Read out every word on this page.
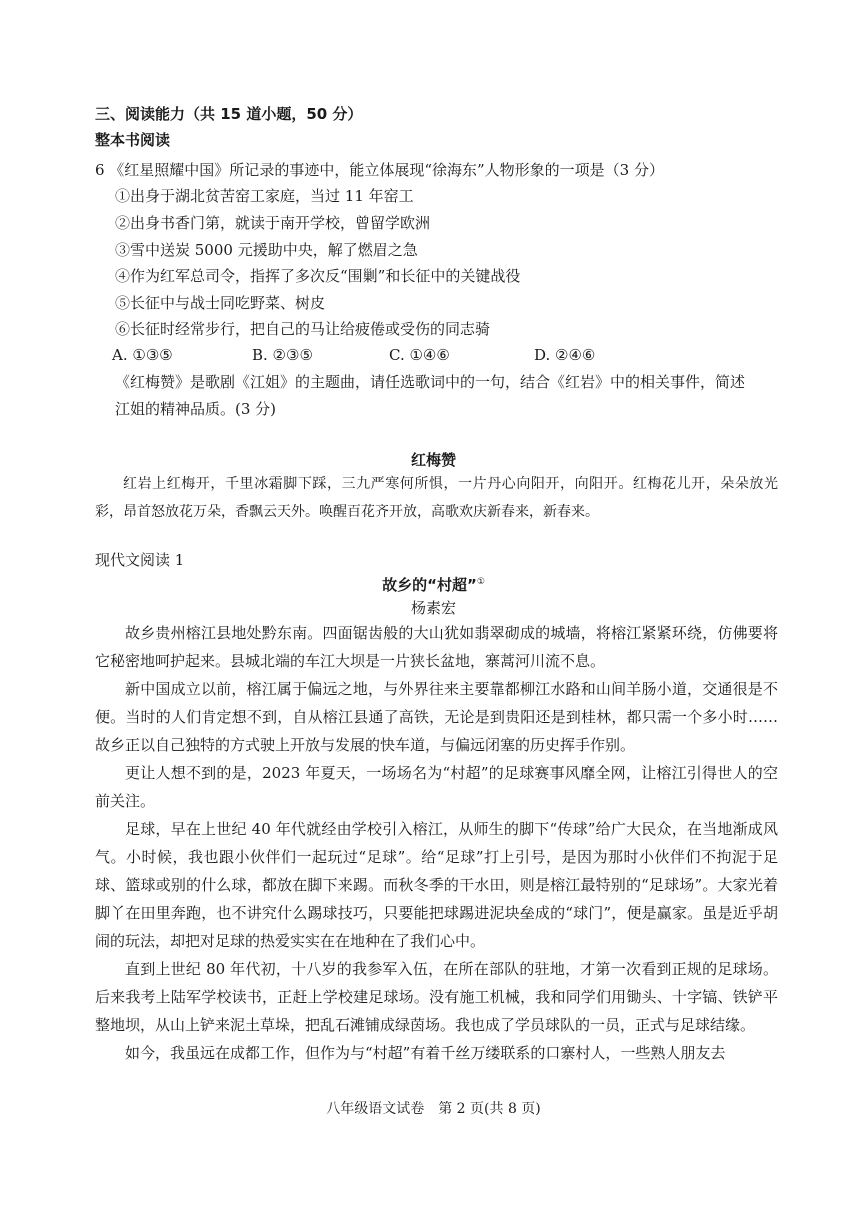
三、阅读能力（共 15 道小题，50 分）
整本书阅读
6 《红星照耀中国》所记录的事迹中，能立体展现“徐海东”人物形象的一项是（3 分）
①出身于湖北贫苦窑工家庭，当过 11 年窑工
②出身书香门第，就读于南开学校，曾留学欧洲
③雪中送炭 5000 元援助中央，解了燃眉之急
④作为红军总司令，指挥了多次反“围剿”和长征中的关键战役
⑤长征中与战士同吃野菜、树皮
⑥长征时经常步行，把自己的马让给疲倦或受伤的同志骑
A. ①③⑤	B. ②③⑤	C. ①④⑥	D. ②④⑥
《红梅赞》是歌剧《江姐》的主题曲，请任选歌词中的一句，结合《红岩》中的相关事件，简述
江姐的精神品质。(3 分)
红梅赞

红岩上红梅开，千里冰霜脚下踩，三九严寒何所惧，一片丹心向阳开，向阳开。红梅花儿开，朵朵放光彩，昂首怒放花万朵，香飘云天外。唤醒百花齐开放，高歌欢庆新春来，新春来。

现代文阅读 1
故乡的“村超”①
杨素宏

故乡贵州榕江县地处黔东南。四面锯齿般的大山犹如翡翠砌成的城墙，将榕江紧紧环绕，仿佛要将它秘密地呵护起来。县城北端的车江大坝是一片狭长盆地，寨蒿河川流不息。

新中国成立以前，榕江属于偏远之地，与外界往来主要靠都柳江水路和山间羊肠小道，交通很是不便。当时的人们肯定想不到，自从榕江县通了高铁，无论是到贵阳还是到桂林，都只需一个多小时……故乡正以自己独特的方式驶上开放与发展的快车道，与偏远闭塞的历史挥手作别。

更让人想不到的是，2023 年夏天，一场场名为“村超”的足球赛事风靡全网，让榕江引得世人的空前关注。

足球，早在上世纪 40 年代就经由学校引入榕江，从师生的脚下“传球”给广大民众，在当地渐成风气。小时候，我也跟小伙伴们一起玩过“足球”。给“足球”打上引号，是因为那时小伙伴们不拘泥于足球、篮球或别的什么球，都放在脚下来踢。而秋冬季的干水田，则是榕江最特别的“足球场”。大家光着脚丫在田里奔跑，也不讲究什么踢球技巧，只要能把球踢进泥块垒成的“球门”，便是赢家。虽是近乎胡闹的玩法，却把对足球的热爱实实在在地种在了我们心中。

直到上世纪 80 年代初，十八岁的我参军入伍，在所在部队的驻地，才第一次看到正规的足球场。后来我考上陆军学校读书，正赶上学校建足球场。没有施工机械，我和同学们用锄头、十字镐、铁铲平整地坝，从山上铲来泥土草垛，把乱石滩铺成绿茵场。我也成了学员球队的一员，正式与足球结缘。

如今，我虽远在成都工作，但作为与“村超”有着千丝万缕联系的口寨村人，一些熟人朋友去

八年级语文试卷　第 2 页(共 8 页)
